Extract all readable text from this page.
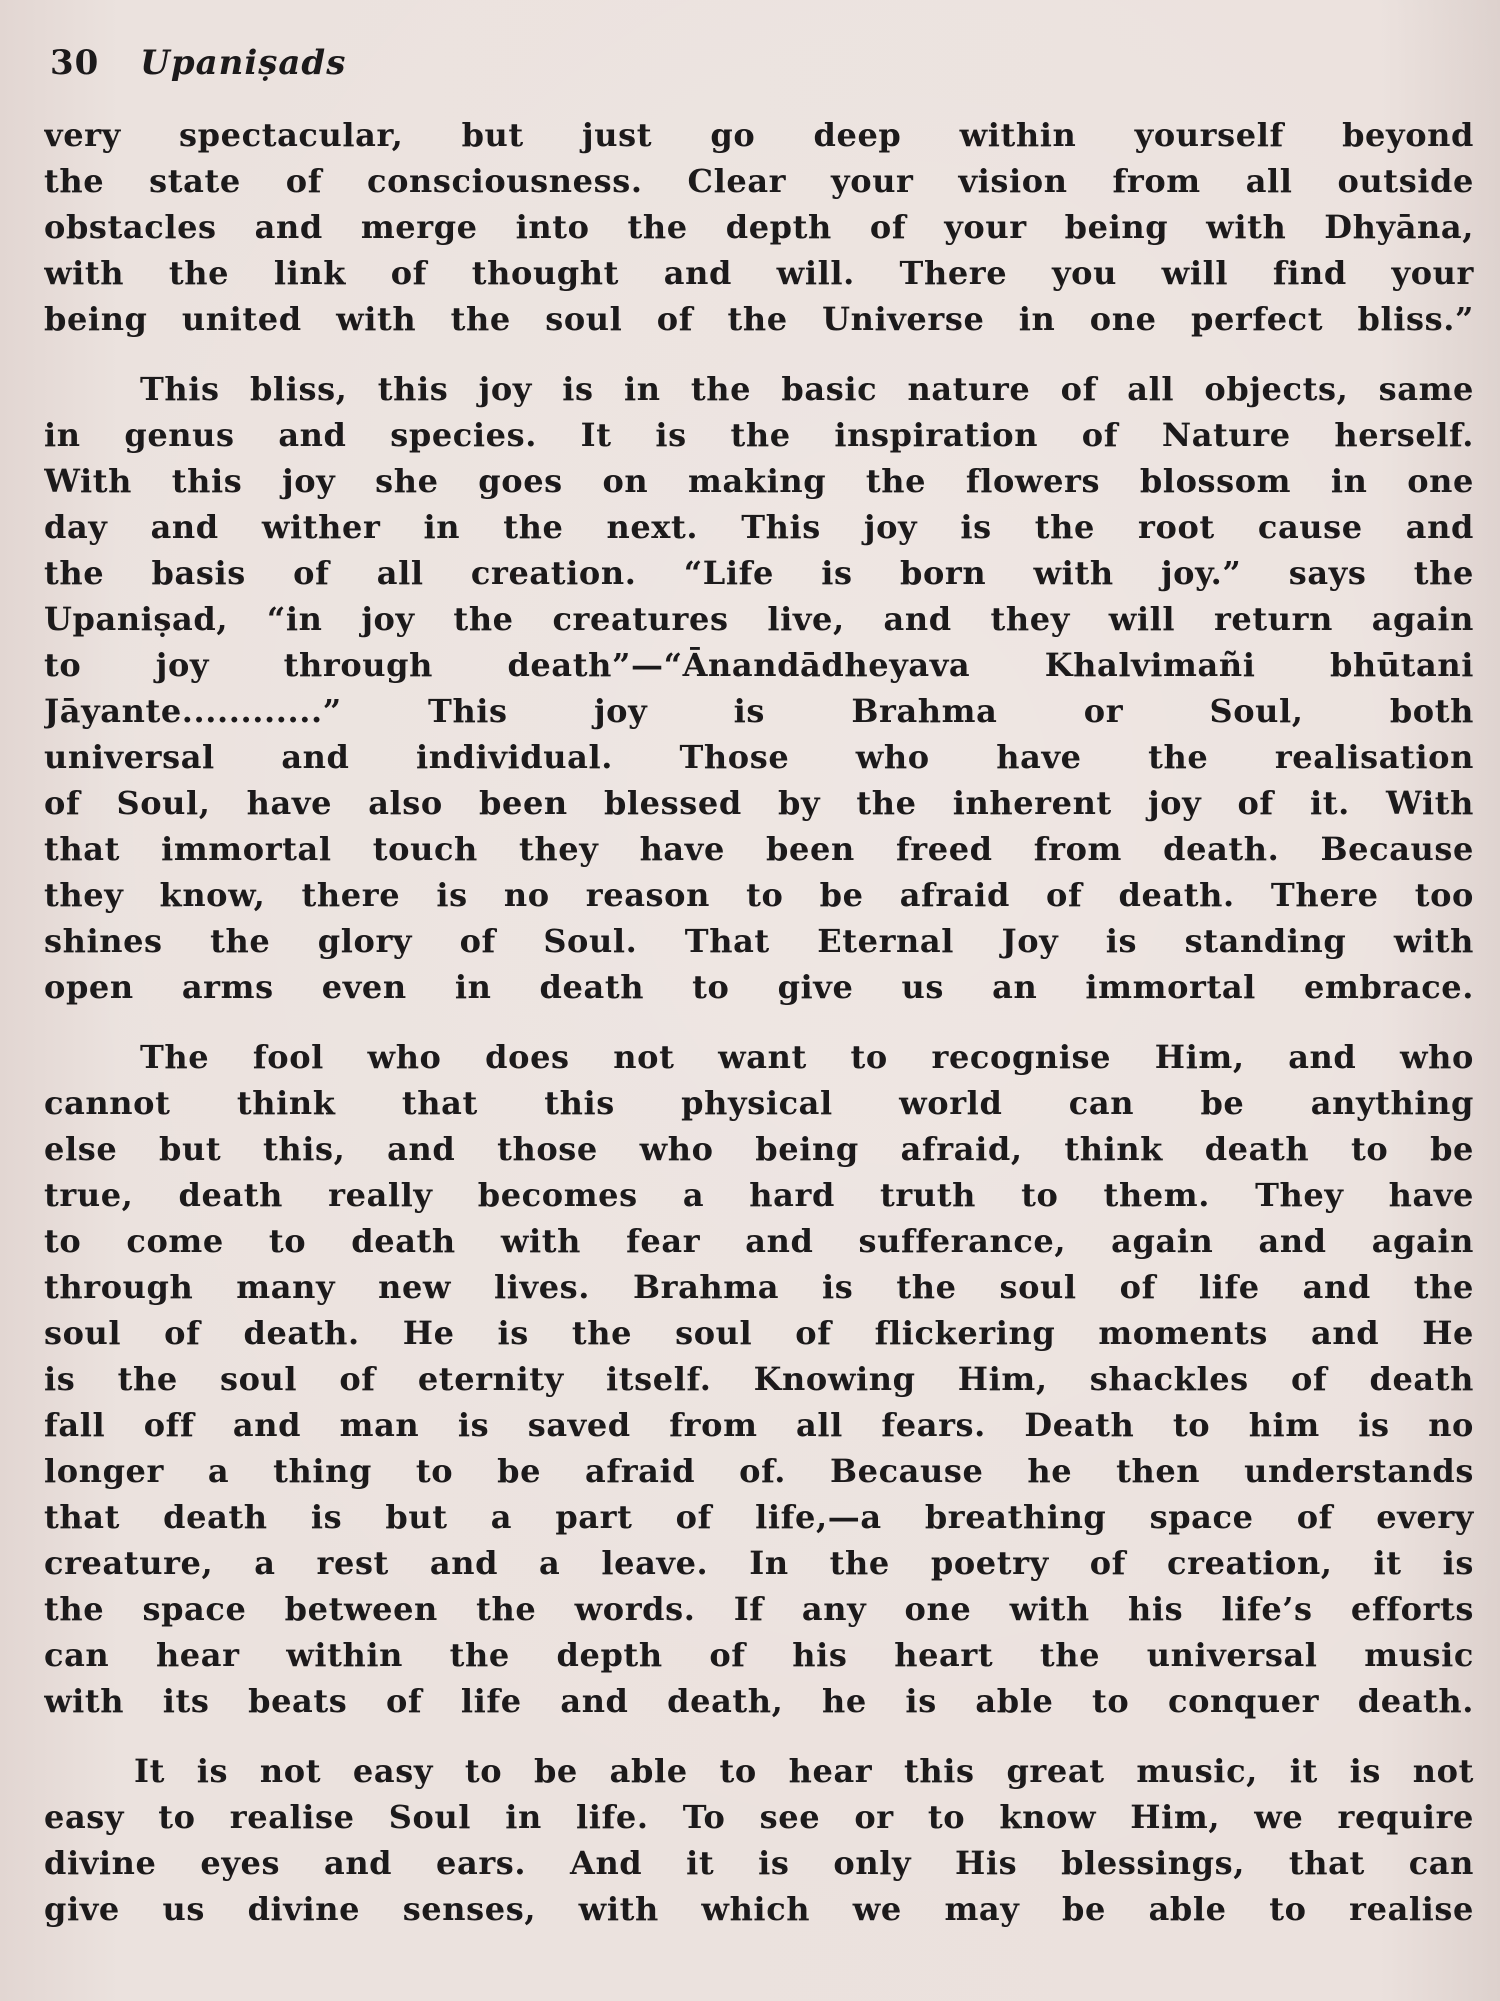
30 Upaniṣads
very spectacular, but just go deep within yourself beyond
the state of consciousness. Clear your vision from all outside
obstacles and merge into the depth of your being with Dhyāna,
with the link of thought and will. There you will find your
being united with the soul of the Universe in one perfect bliss.”
This bliss, this joy is in the basic nature of all objects, same
in genus and species. It is the inspiration of Nature herself.
With this joy she goes on making the flowers blossom in one
day and wither in the next. This joy is the root cause and
the basis of all creation. “Life is born with joy.” says the
Upaniṣad, “in joy the creatures live, and they will return again
to joy through death”—“Ānandādheyava Khalvimañi bhūtani
Jāyante............” This joy is Brahma or Soul, both
universal and individual. Those who have the realisation
of Soul, have also been blessed by the inherent joy of it. With
that immortal touch they have been freed from death. Because
they know, there is no reason to be afraid of death. There too
shines the glory of Soul. That Eternal Joy is standing with
open arms even in death to give us an immortal embrace.
The fool who does not want to recognise Him, and who
cannot think that this physical world can be anything
else but this, and those who being afraid, think death to be
true, death really becomes a hard truth to them. They have
to come to death with fear and sufferance, again and again
through many new lives. Brahma is the soul of life and the
soul of death. He is the soul of flickering moments and He
is the soul of eternity itself. Knowing Him, shackles of death
fall off and man is saved from all fears. Death to him is no
longer a thing to be afraid of. Because he then understands
that death is but a part of life,—a breathing space of every
creature, a rest and a leave. In the poetry of creation, it is
the space between the words. If any one with his life’s efforts
can hear within the depth of his heart the universal music
with its beats of life and death, he is able to conquer death.
It is not easy to be able to hear this great music, it is not
easy to realise Soul in life. To see or to know Him, we require
divine eyes and ears. And it is only His blessings, that can
give us divine senses, with which we may be able to realise
